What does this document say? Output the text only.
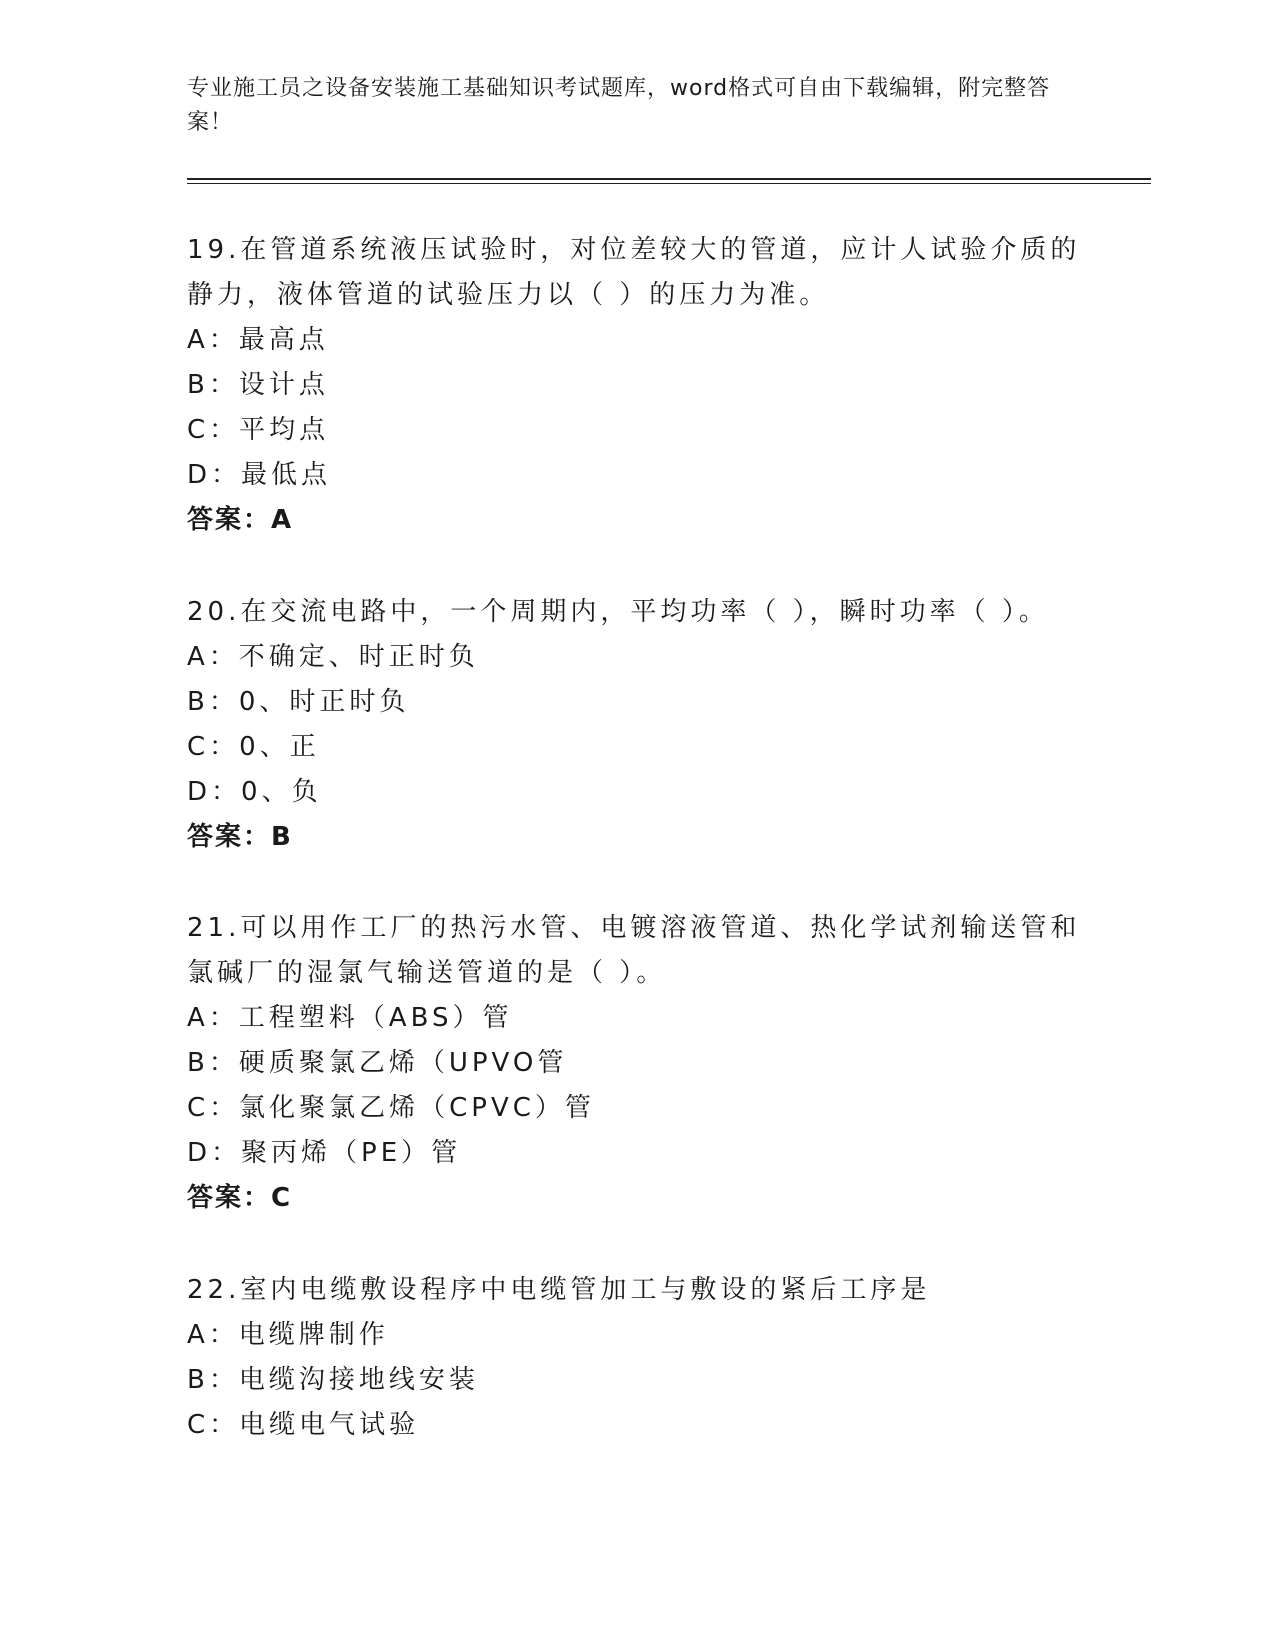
专业施工员之设备安装施工基础知识考试题库，word格式可自由下载编辑，附完整答案！

19.在管道系统液压试验时，对位差较大的管道，应计人试验介质的静力，液体管道的试验压力以（ ）的压力为准。

A：最高点

B：设计点

C：平均点

D：最低点

答案：A

20.在交流电路中，一个周期内，平均功率（ ），瞬时功率（ ）。

A：不确定、时正时负

B：0、时正时负

C：0、正

D：0、负

答案：B

21.可以用作工厂的热污水管、电镀溶液管道、热化学试剂输送管和氯碱厂的湿氯气输送管道的是（ ）。

A：工程塑料（ABS）管

B：硬质聚氯乙烯（UPVO管

C：氯化聚氯乙烯（CPVC）管

D：聚丙烯（PE）管

答案：C

22.室内电缆敷设程序中电缆管加工与敷设的紧后工序是

A：电缆牌制作

B：电缆沟接地线安装

C：电缆电气试验
